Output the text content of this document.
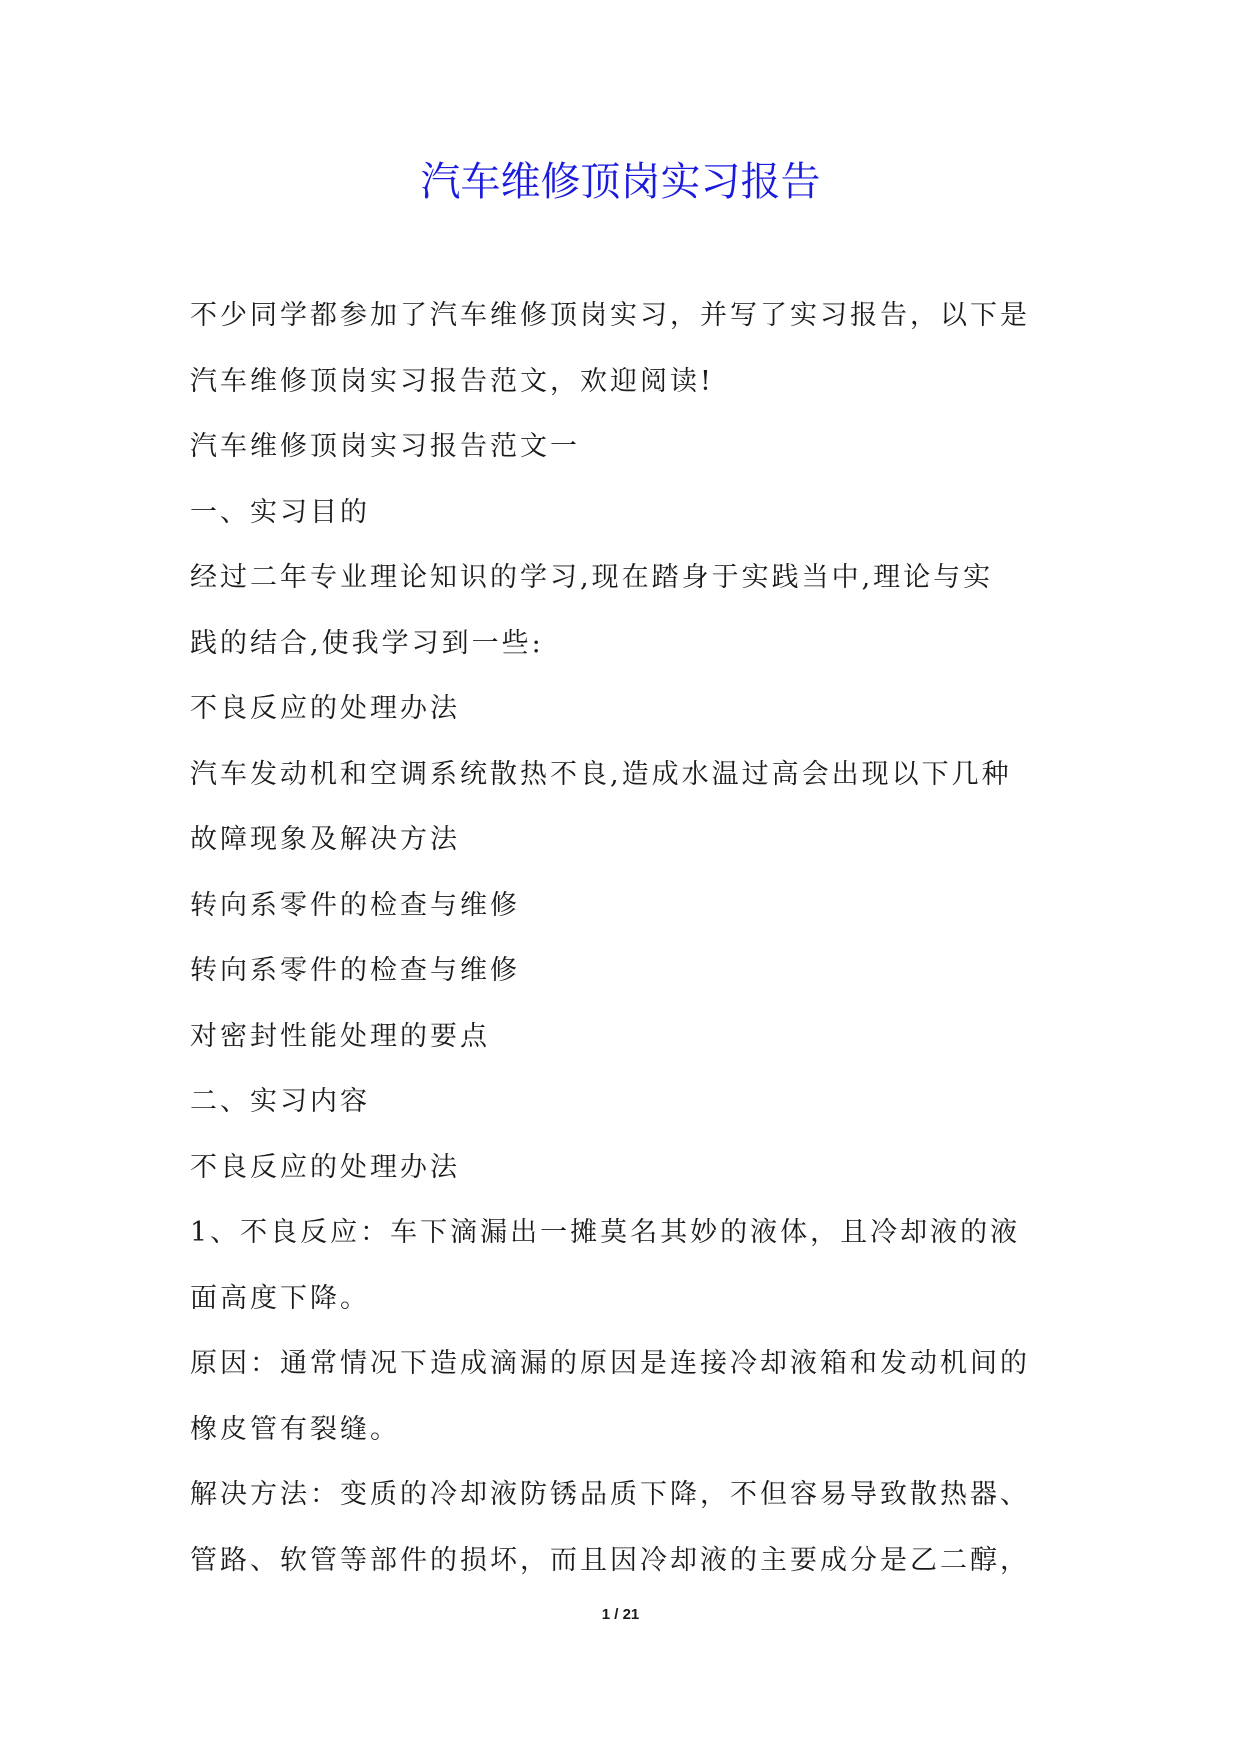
汽车维修顶岗实习报告

不少同学都参加了汽车维修顶岗实习，并写了实习报告，以下是

汽车维修顶岗实习报告范文，欢迎阅读!

汽车维修顶岗实习报告范文一

一、实习目的

经过二年专业理论知识的学习,现在踏身于实践当中,理论与实

践的结合,使我学习到一些:

不良反应的处理办法

汽车发动机和空调系统散热不良,造成水温过高会出现以下几种

故障现象及解决方法

转向系零件的检查与维修

转向系零件的检查与维修

对密封性能处理的要点

二、实习内容

不良反应的处理办法

1、不良反应：车下滴漏出一摊莫名其妙的液体，且冷却液的液

面高度下降。

原因：通常情况下造成滴漏的原因是连接冷却液箱和发动机间的

橡皮管有裂缝。

解决方法：变质的冷却液防锈品质下降，不但容易导致散热器、

管路、软管等部件的损坏，而且因冷却液的主要成分是乙二醇，

1 / 21
